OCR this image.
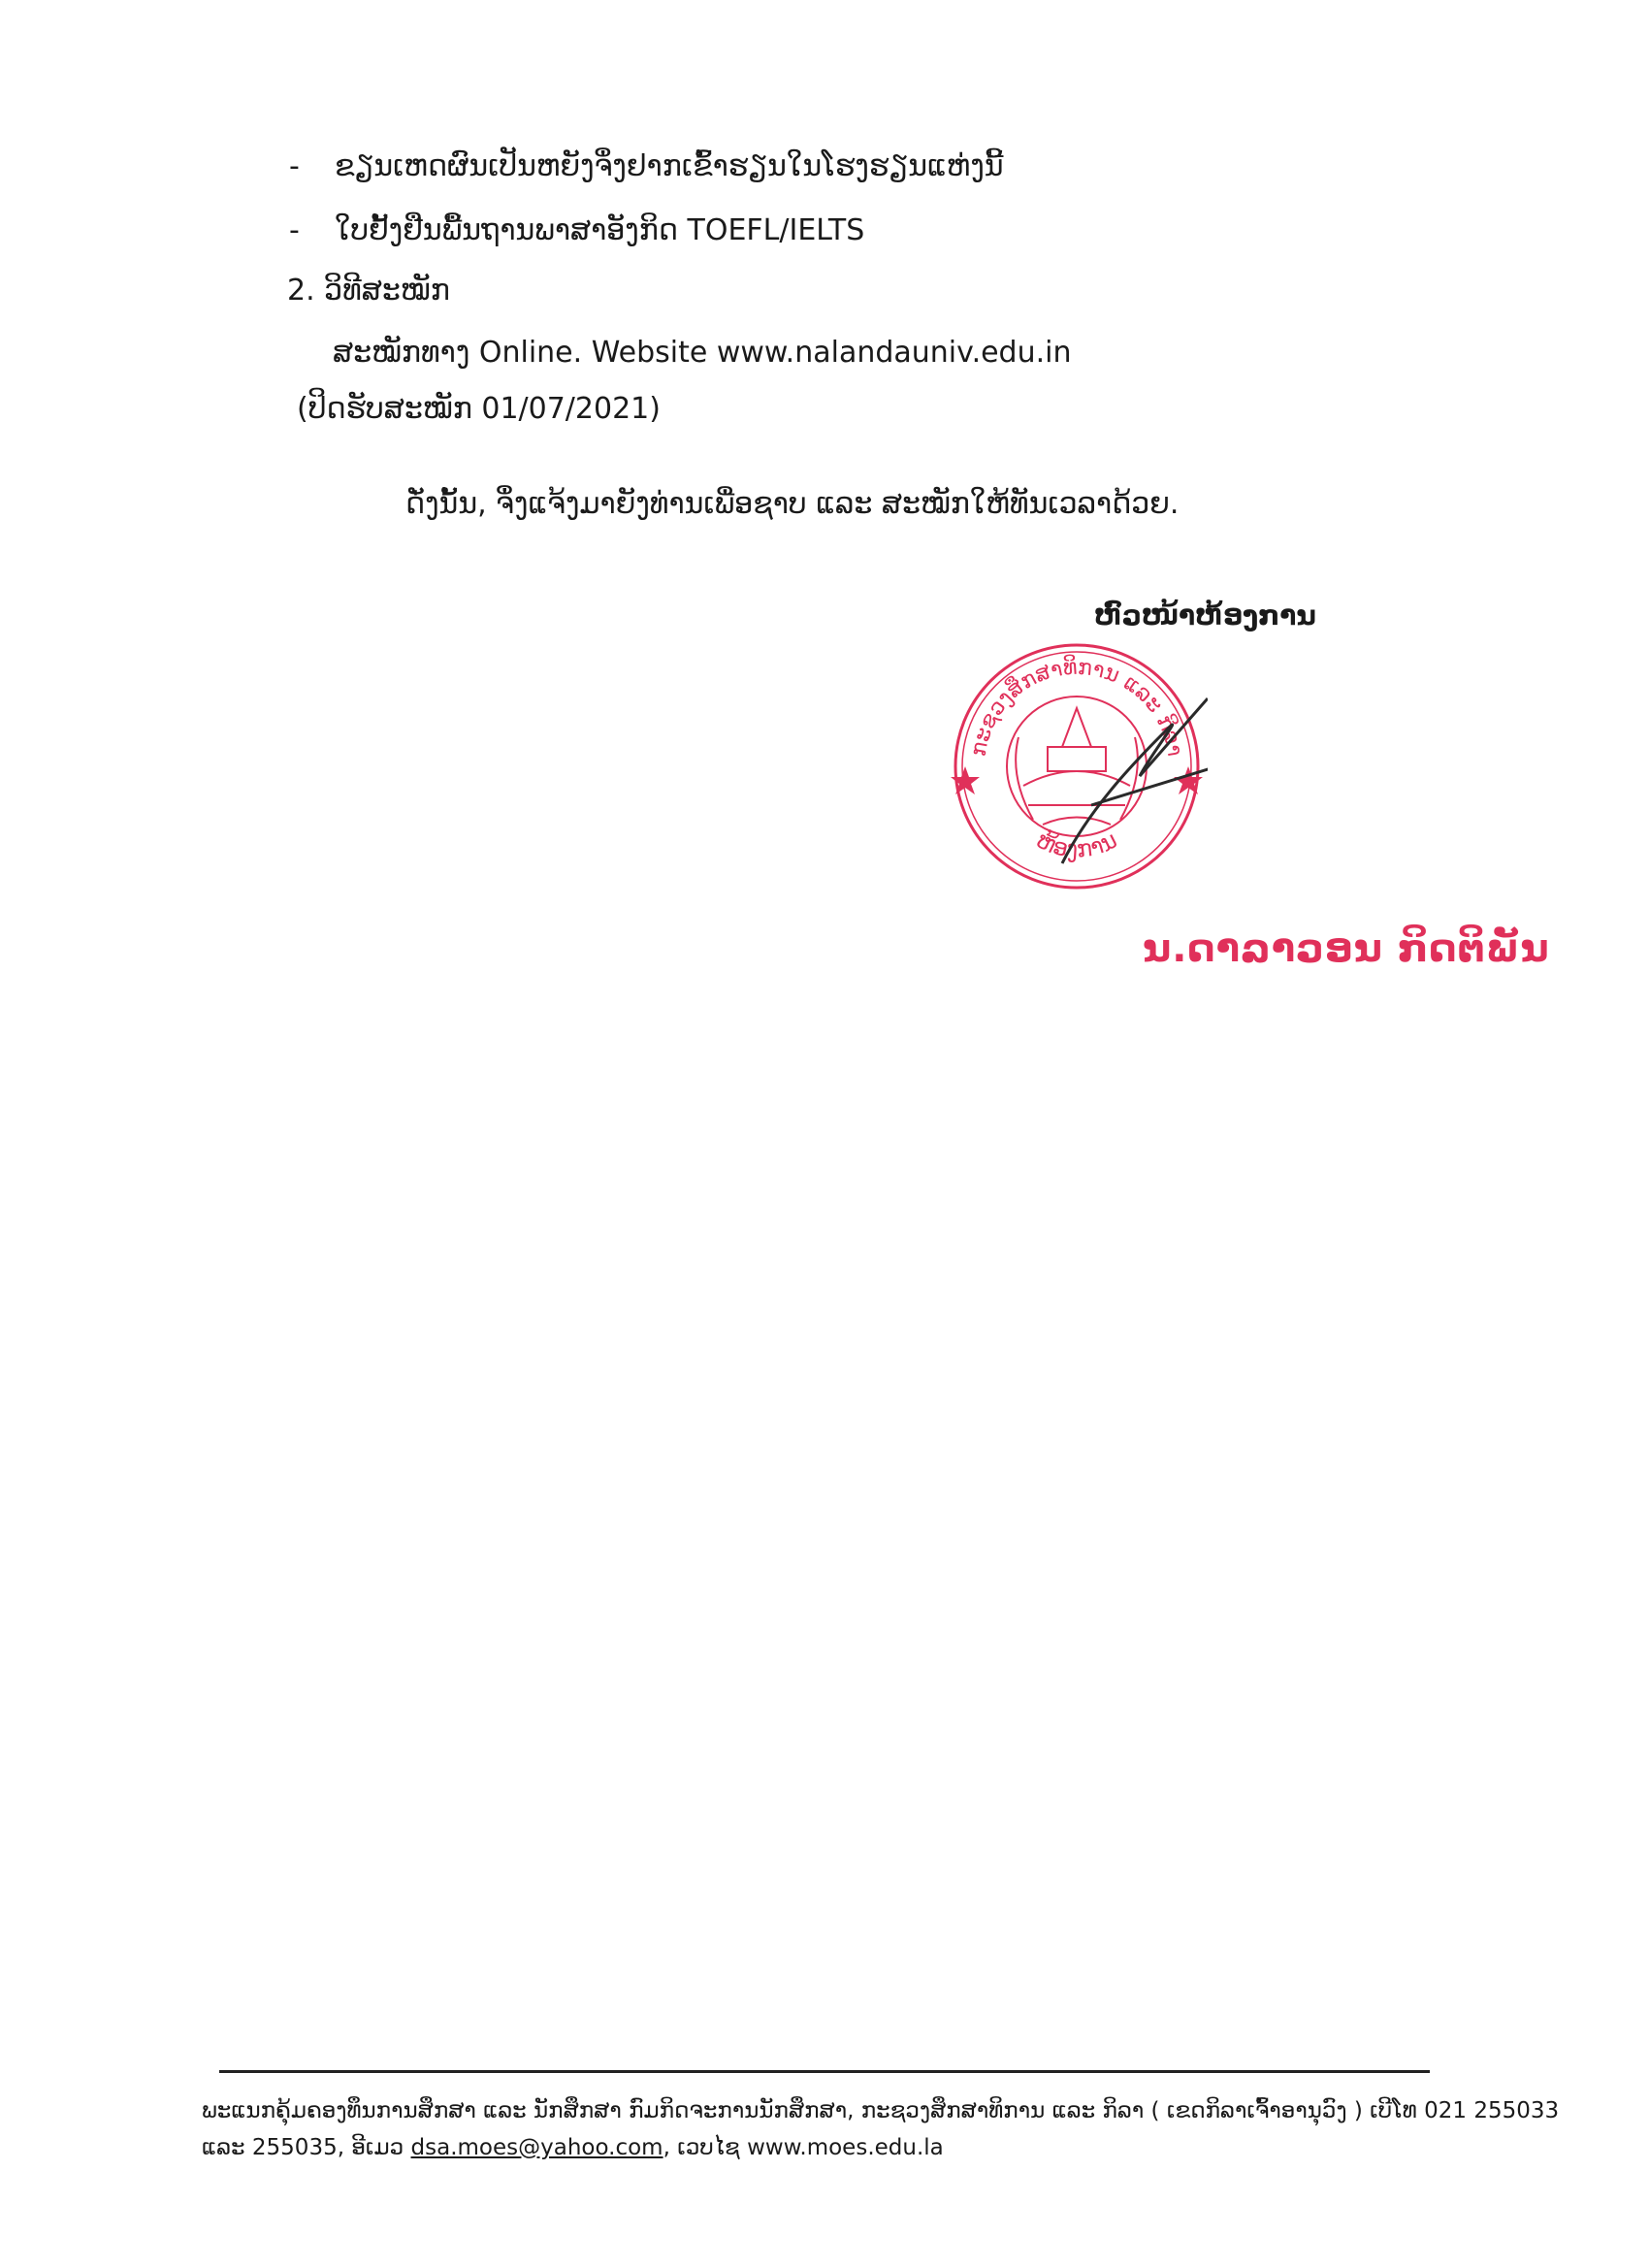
- ຂຽນເຫດຜົນເປັນຫຍັງຈຶ່ງຢາກເຂົ້າຮຽນໃນໂຮງຮຽນແຫ່ງນີ້
- ໃບຢັ້ງຢືນພື້ນຖານພາສາອັງກິດ TOEFL/IELTS
2. ວິທີສະໝັກ
ສະໝັກທາງ Online. Website www.nalandauniv.edu.in
(ປິດຮັບສະໝັກ 01/07/2021)
ດັ່ງນັ້ນ, ຈຶ່ງແຈ້ງມາຍັງທ່ານເພື່ອຊາບ ແລະ ສະໝັກໃຫ້ທັນເວລາດ້ວຍ.
ຫົວໜ້າຫ້ອງການ
ກະຊວງສຶກສາທິການ ແລະ ກິລາ
ຫ້ອງການ
ນ.ດາລາວອນ ກິດຕິພັນ
ພະແນກຄຸ້ມຄອງທຶນການສຶກສາ ແລະ ນັກສຶກສາ ກົມກິດຈະການນັກສຶກສາ, ກະຊວງສຶກສາທິການ ແລະ ກິລາ ( ເຂດກິລາເຈົ້າອານຸວົງ ) ເບີໂທ 021 255033
ແລະ 255035, ອີເມວ dsa.moes@yahoo.com, ເວບໄຊ www.moes.edu.la
